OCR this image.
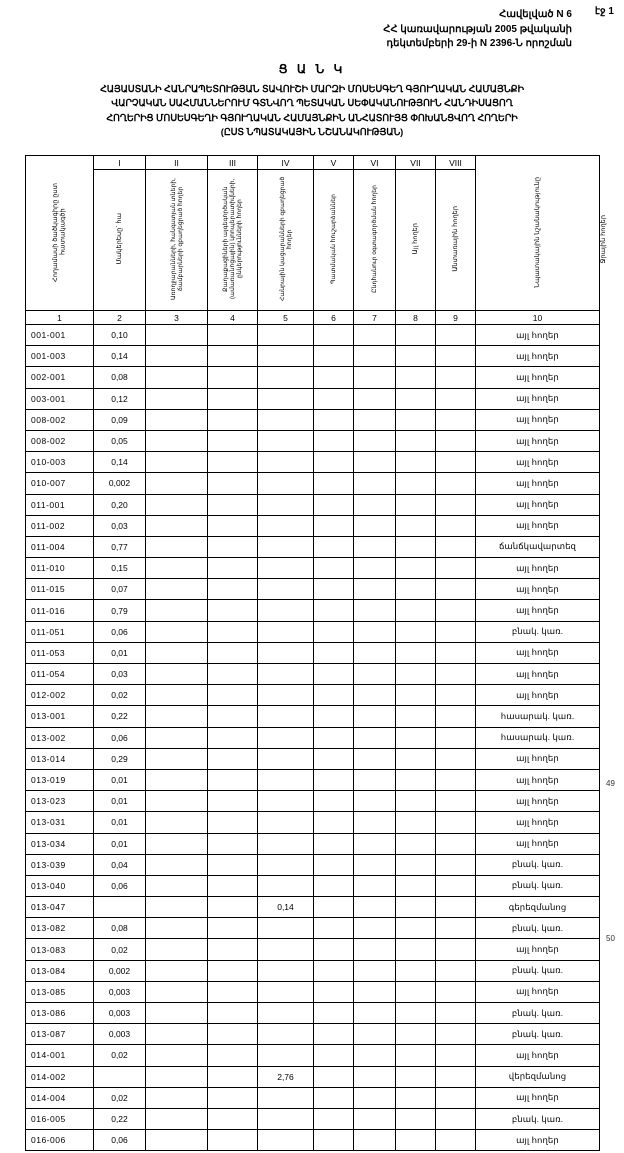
էջ 1
Հավելված N 6
ՀՀ կառավարության 2005 թվականի
դեկտեմբերի 29-ի N 2396-Ն որոշման
Ց Ա Ն Կ
ՀԱՅԱՍՏԱՆԻ ՀԱՆՐԱՊԵՏՈՒԹՅԱՆ ՏԱՎՈՒՇԻ ՄԱՐԶԻ ՄՈՍԵՍԳԵՂ ԳՅՈՒՂԱԿԱՆ ՀԱՄԱՅՆՔԻ
ՎԱՐՉԱԿԱՆ ՍԱՀՄԱՆՆԵՐՈՒՄ ԳՏՆՎՈՂ ՊԵՏԱԿԱՆ ՍԵՓԱԿԱՆՈՒԹՅՈՒՆ ՀԱՆԴԻՍԱՑՈՂ
ՀՈՂԵՐԻՑ ՄՈՍԵՍԳԵՂԻ ԳՅՈՒՂԱԿԱՆ ՀԱՄԱՅՆՔԻՆ ԱՆՀԱՏՈՒՅՑ ՓՈԽԱՆՑՎՈՂ ՀՈՂԵՐԻ
(ԸՍՏ ՆՊԱՏԱԿԱՅԻՆ ՆՇԱՆԱԿՈՒԹՅԱՆ)
Հողամասի ծածկագիրը ըստ հատակագծի	I	II	III	IV	V	VI	VII	VIII	Նպատակային նշանակությունը	
	Մակերեսը` հա	Առողջարանների, հանգստյան տների, ճամբարների զբաղեցրած հողեր	Քաղաքացիների այգեգործական (ամառանոցային) կոոպերատիվների, ընկերությունների հողեր	Հանրային կացարանների զբաղեցրած հողեր	Պատմական հուշարձաններ	Ընդհանուր օգտագործման հողեր	Այլ հողեր	Անտառային հողեր		Ջրային հողեր
1	2	3	4	5	6	7	8	9	10	
001-001	0,10								այլ հողեր	
001-003	0,14								այլ հողեր	
002-001	0,08								այլ հողեր	
003-001	0,12								այլ հողեր	
008-002	0,09								այլ հողեր	
008-002	0,05								այլ հողեր	
010-003	0,14								այլ հողեր	
010-007	0,002								այլ հողեր	
011-001	0,20								այլ հողեր	
011-002	0,03								այլ հողեր	
011-004	0,77								ճանճկավարտեզ	
011-010	0,15								այլ հողեր	
011-015	0,07								այլ հողեր	
011-016	0,79								այլ հողեր	
011-051	0,06								բնակ. կառ.	
011-053	0,01								այլ հողեր	
011-054	0,03								այլ հողեր	
012-002	0,02								այլ հողեր	
013-001	0,22								հասարակ. կառ.	
013-002	0,06								հասարակ. կառ.	
013-014	0,29								այլ հողեր	
013-019	0,01								այլ հողեր	
013-023	0,01								այլ հողեր	
013-031	0,01								այլ հողեր	
013-034	0,01								այլ հողեր	
013-039	0,04								բնակ. կառ.	
013-040	0,06								բնակ. կառ.	
013-047				0,14					գերեզմանոց	
013-082	0,08								բնակ. կառ.	
013-083	0,02								այլ հողեր	
013-084	0,002								բնակ. կառ.	
013-085	0,003								այլ հողեր	
013-086	0,003								բնակ. կառ.	
013-087	0,003								բնակ. կառ.	
014-001	0,02								այլ հողեր	
014-002				2,76					վերեզմանոց	
014-004	0,02								այլ հողեր	
016-005	0,22								բնակ. կառ.	
016-006	0,06								այլ հողեր	
49
50
